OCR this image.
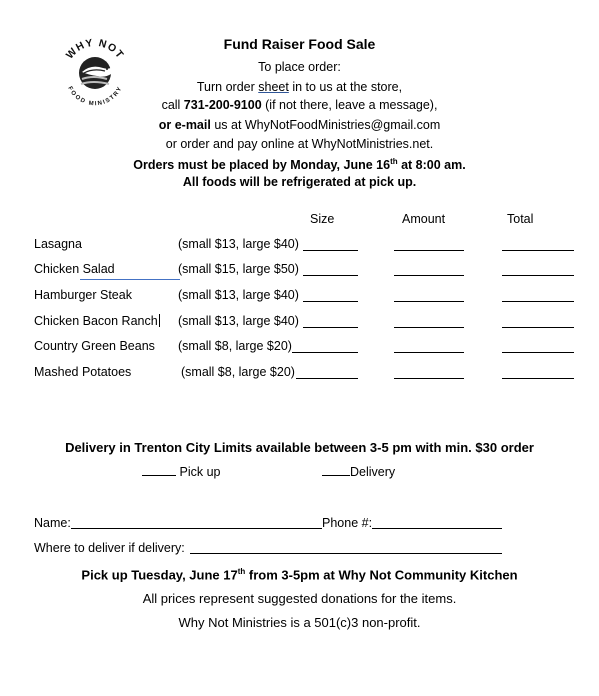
WHY NOT
FOOD MINISTRY
Fund Raiser Food Sale
To place order:
Turn order sheet in to us at the store,
call 731-200-9100 (if not there, leave a message),
or e-mail us at WhyNotFoodMinistries@gmail.com
or order and pay online at WhyNotMinistries.net.
Orders must be placed by Monday, June 16th at 8:00 am.
All foods will be refrigerated at pick up.
Size	Amount	Total
Lasagna	(small $13, large $40)
Chicken Salad	(small $15, large $50)
Hamburger Steak	(small $13, large $40)
Chicken Bacon Ranch (small $13, large $40)
Country Green Beans (small $8, large $20)
Mashed Potatoes	(small $8, large $20)
Delivery in Trenton City Limits available between 3-5 pm with min. $30 order
Pick up	Delivery
Name:	Phone #:
Where to deliver if delivery:
Pick up Tuesday, June 17th from 3-5pm at Why Not Community Kitchen
All prices represent suggested donations for the items.
Why Not Ministries is a 501(c)3 non-profit.
